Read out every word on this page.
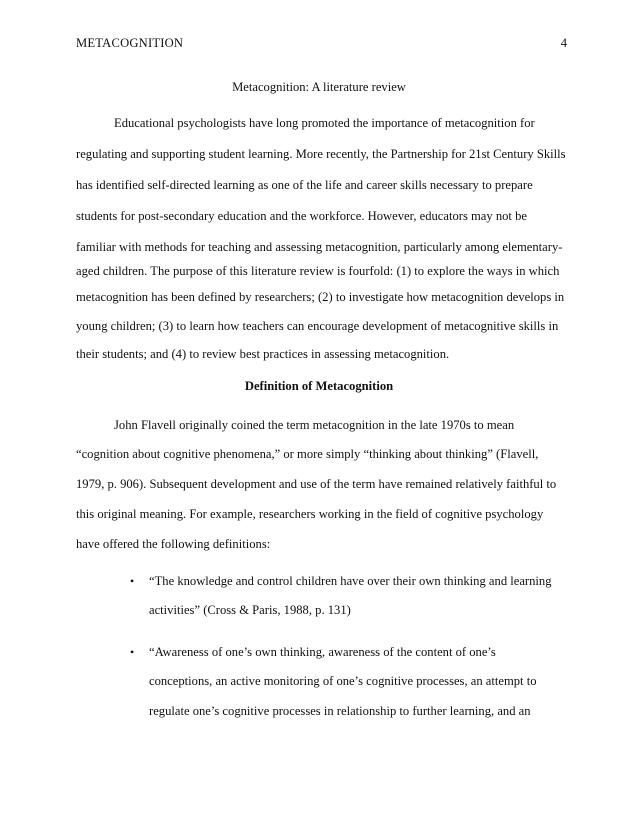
METACOGNITION	4
Metacognition: A literature review
Educational psychologists have long promoted the importance of metacognition for
regulating and supporting student learning. More recently, the Partnership for 21st Century Skills
has identified self-directed learning as one of the life and career skills necessary to prepare
students for post-secondary education and the workforce. However, educators may not be
familiar with methods for teaching and assessing metacognition, particularly among elementary-
aged children. The purpose of this literature review is fourfold: (1) to explore the ways in which
metacognition has been defined by researchers; (2) to investigate how metacognition develops in
young children; (3) to learn how teachers can encourage development of metacognitive skills in
their students; and (4) to review best practices in assessing metacognition.
Definition of Metacognition
John Flavell originally coined the term metacognition in the late 1970s to mean
“cognition about cognitive phenomena,” or more simply “thinking about thinking” (Flavell,
1979, p. 906). Subsequent development and use of the term have remained relatively faithful to
this original meaning. For example, researchers working in the field of cognitive psychology
have offered the following definitions:
• “The knowledge and control children have over their own thinking and learning
activities” (Cross & Paris, 1988, p. 131)
• “Awareness of one’s own thinking, awareness of the content of one’s
conceptions, an active monitoring of one’s cognitive processes, an attempt to
regulate one’s cognitive processes in relationship to further learning, and an
